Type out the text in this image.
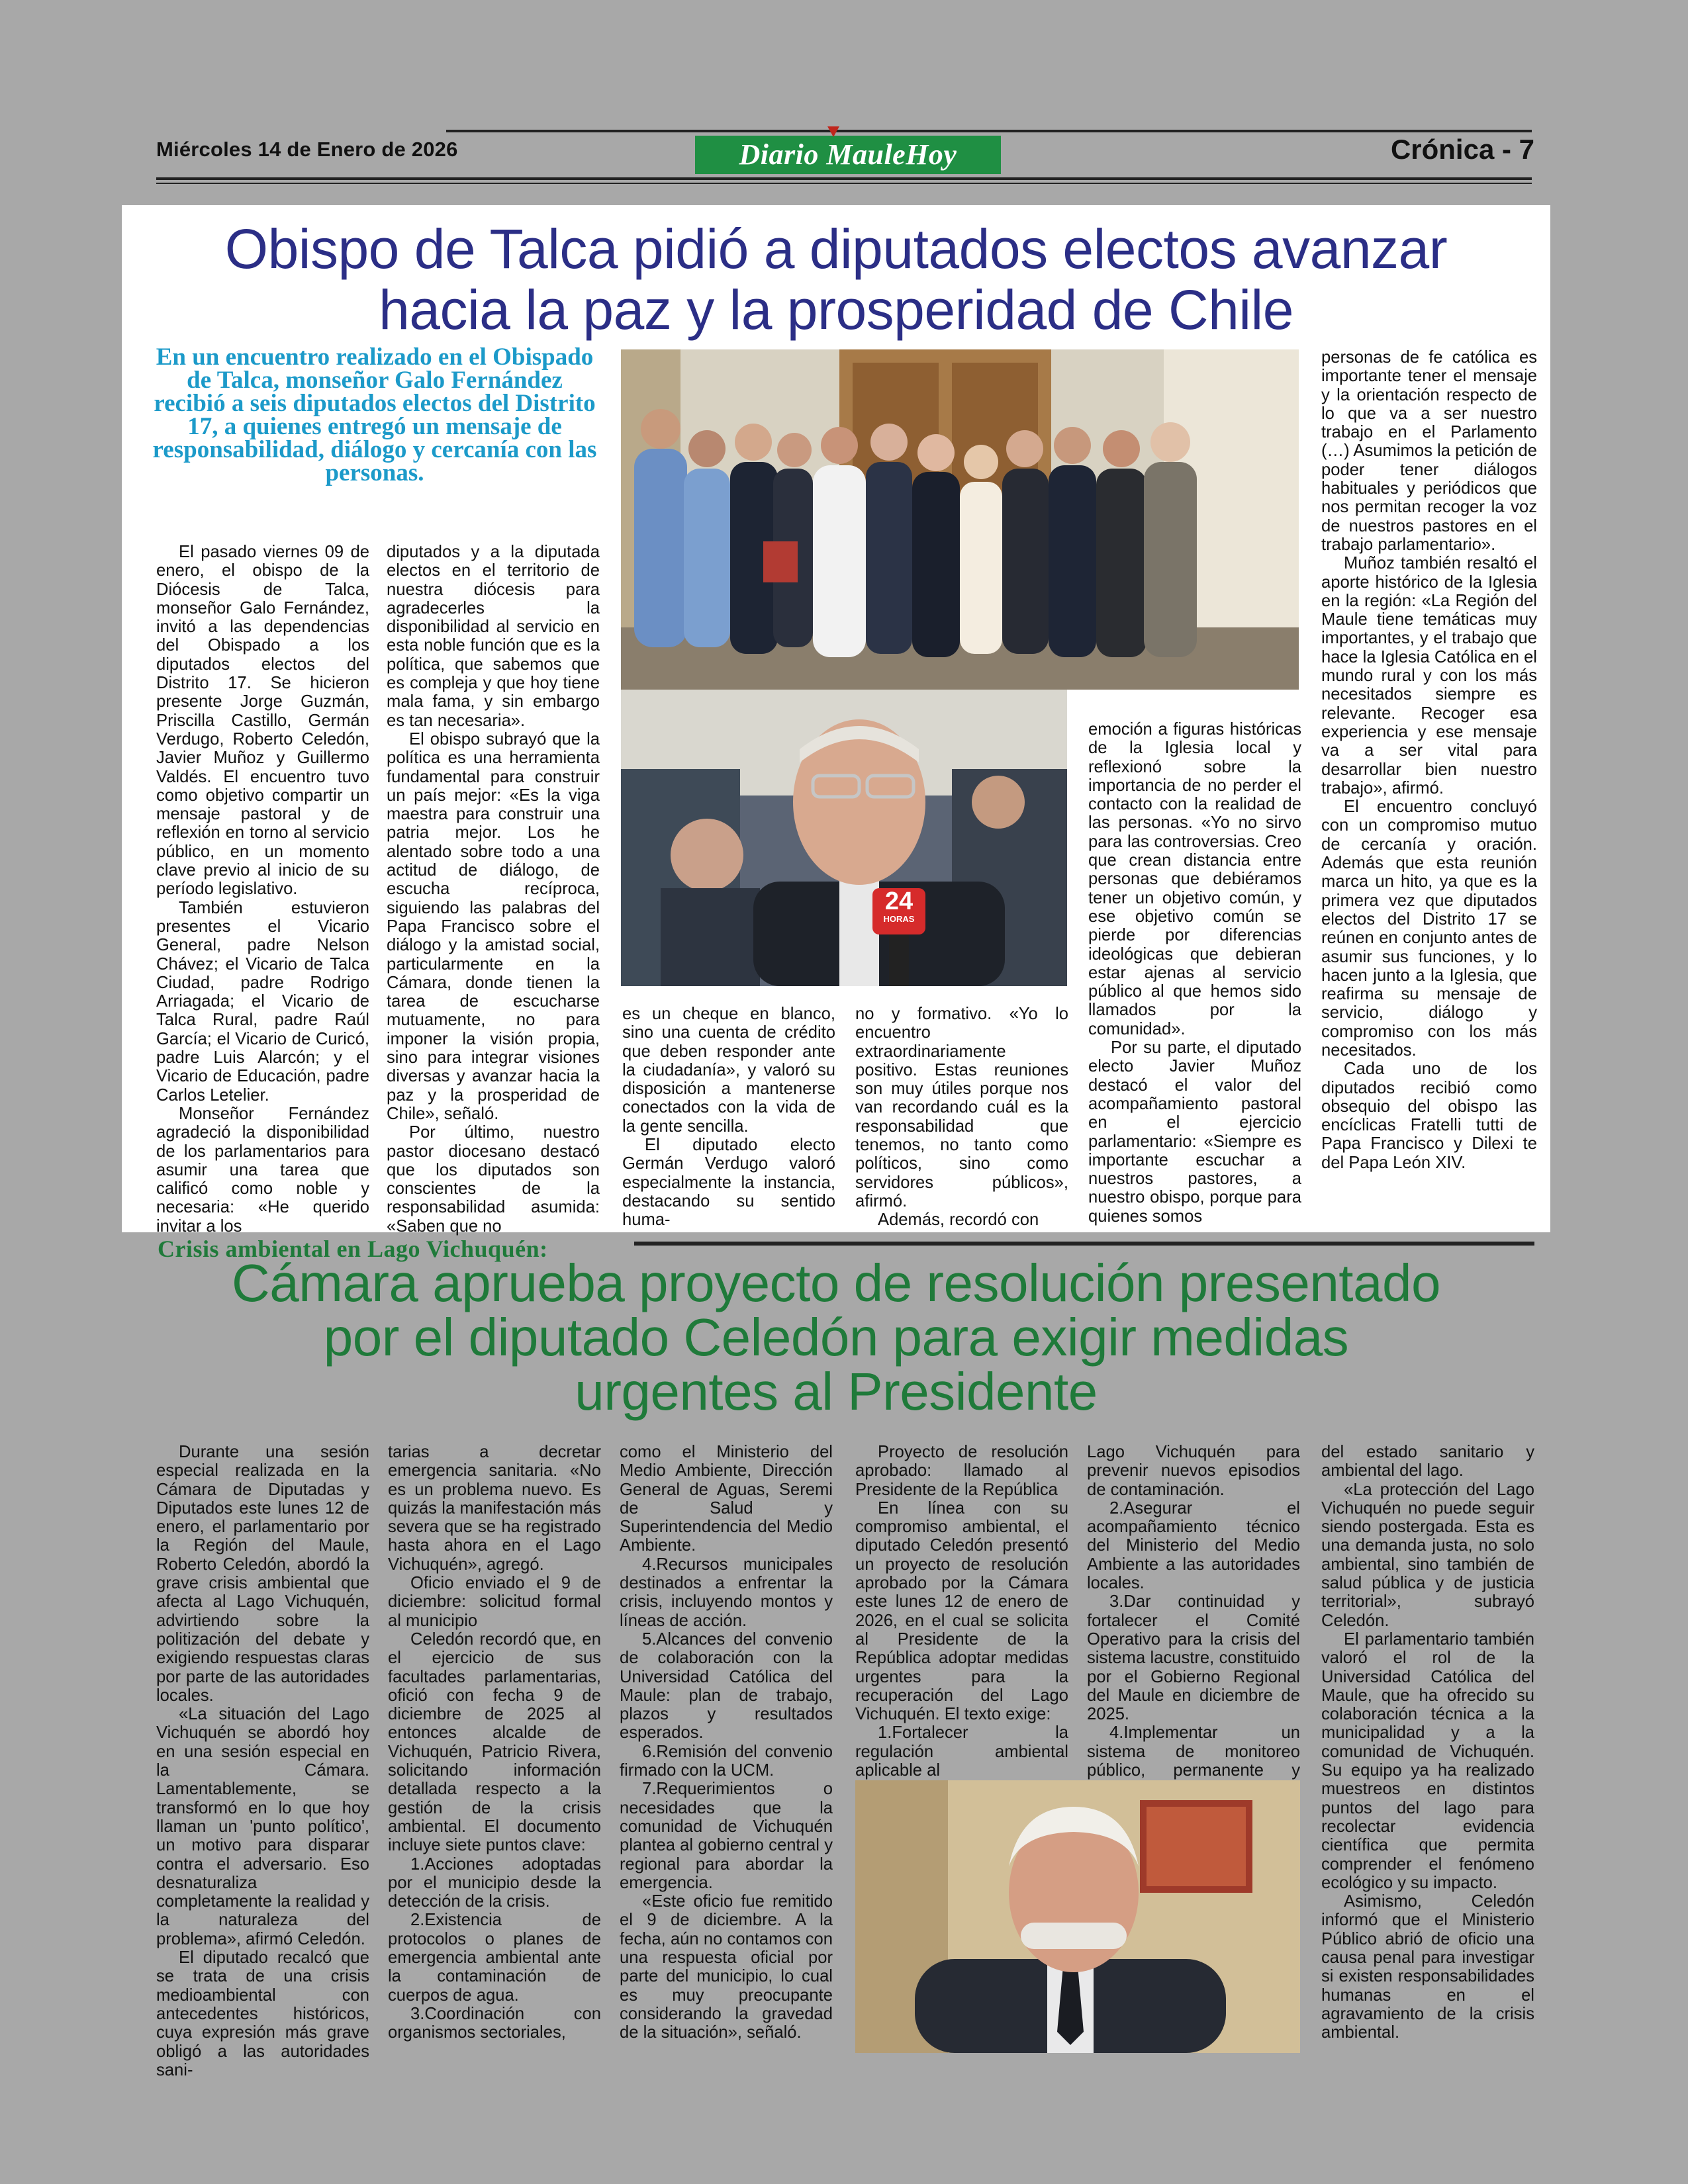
Miércoles 14 de Enero de 2026	Diario MauleHoy	Crónica - 7
Obispo de Talca pidió a diputados electos avanzar
hacia la paz y la prosperidad de Chile
En un encuentro realizado en el Obispado de Talca, monseñor Galo Fernández recibió a seis diputados electos del Distrito 17, a quienes entregó un mensaje de responsabilidad, diálogo y cercanía con las personas.

El pasado viernes 09 de enero, el obispo de la Diócesis de Talca, monseñor Galo Fernández, invitó a las dependencias del Obispado a los diputados electos del Distrito 17. Se hicieron presente Jorge Guzmán, Priscilla Castillo, Germán Verdugo, Roberto Celedón, Javier Muñoz y Guillermo Valdés. El encuentro tuvo como objetivo compartir un mensaje pastoral y de reflexión en torno al servicio público, en un momento clave previo al inicio de su período legislativo.

También estuvieron presentes el Vicario General, padre Nelson Chávez; el Vicario de Talca Ciudad, padre Rodrigo Arriagada; el Vicario de Talca Rural, padre Raúl García; el Vicario de Curicó, padre Luis Alarcón; y el Vicario de Educación, padre Carlos Letelier.

Monseñor Fernández agradeció la disponibilidad de los parlamentarios para asumir una tarea que calificó como noble y necesaria: «He querido invitar a los

diputados y a la diputada electos en el territorio de nuestra diócesis para agradecerles la disponibilidad al servicio en esta noble función que es la política, que sabemos que es compleja y que hoy tiene mala fama, y sin embargo es tan necesaria».

El obispo subrayó que la política es una herramienta fundamental para construir un país mejor: «Es la viga maestra para construir una patria mejor. Los he alentado sobre todo a una actitud de diálogo, de escucha recíproca, siguiendo las palabras del Papa Francisco sobre el diálogo y la amistad social, particularmente en la Cámara, donde tienen la tarea de escucharse mutuamente, no para imponer la visión propia, sino para integrar visiones diversas y avanzar hacia la paz y la prosperidad de Chile», señaló.

Por último, nuestro pastor diocesano destacó que los diputados son conscientes de la responsabilidad asumida: «Saben que no

24
HORAS

es un cheque en blanco, sino una cuenta de crédito que deben responder ante la ciudadanía», y valoró su disposición a mantenerse conectados con la vida de la gente sencilla.

El diputado electo Germán Verdugo valoró especialmente la instancia, destacando su sentido huma-

no y formativo. «Yo lo encuentro extraordinariamente positivo. Estas reuniones son muy útiles porque nos van recordando cuál es la responsabilidad que tenemos, no tanto como políticos, sino como servidores públicos», afirmó.

Además, recordó con

emoción a figuras históricas de la Iglesia local y reflexionó sobre la importancia de no perder el contacto con la realidad de las personas. «Yo no sirvo para las controversias. Creo que crean distancia entre personas que debiéramos tener un objetivo común, y ese objetivo común se pierde por diferencias ideológicas que debieran estar ajenas al servicio público al que hemos sido llamados por la comunidad».

Por su parte, el diputado electo Javier Muñoz destacó el valor del acompañamiento pastoral en el ejercicio parlamentario: «Siempre es importante escuchar a nuestros pastores, a nuestro obispo, porque para quienes somos

personas de fe católica es importante tener el mensaje y la orientación respecto de lo que va a ser nuestro trabajo en el Parlamento (…) Asumimos la petición de poder tener diálogos habituales y periódicos que nos permitan recoger la voz de nuestros pastores en el trabajo parlamentario».

Muñoz también resaltó el aporte histórico de la Iglesia en la región: «La Región del Maule tiene temáticas muy importantes, y el trabajo que hace la Iglesia Católica en el mundo rural y con los más necesitados siempre es relevante. Recoger esa experiencia y ese mensaje va a ser vital para desarrollar bien nuestro trabajo», afirmó.

El encuentro concluyó con un compromiso mutuo de cercanía y oración. Además que esta reunión marca un hito, ya que es la primera vez que diputados electos del Distrito 17 se reúnen en conjunto antes de asumir sus funciones, y lo hacen junto a la Iglesia, que reafirma su mensaje de servicio, diálogo y compromiso con los más necesitados.

Cada uno de los diputados recibió como obsequio del obispo las encíclicas Fratelli tutti de Papa Francisco y Dilexi te del Papa León XIV.

Crisis ambiental en Lago Vichuquén:
Cámara aprueba proyecto de resolución presentado
por el diputado Celedón para exigir medidas
urgentes al Presidente

Durante una sesión especial realizada en la Cámara de Diputadas y Diputados este lunes 12 de enero, el parlamentario por la Región del Maule, Roberto Celedón, abordó la grave crisis ambiental que afecta al Lago Vichuquén, advirtiendo sobre la politización del debate y exigiendo respuestas claras por parte de las autoridades locales.

«La situación del Lago Vichuquén se abordó hoy en una sesión especial en la Cámara. Lamentablemente, se transformó en lo que hoy llaman un 'punto político', un motivo para disparar contra el adversario. Eso desnaturaliza completamente la realidad y la naturaleza del problema», afirmó Celedón.

El diputado recalcó que se trata de una crisis medioambiental con antecedentes históricos, cuya expresión más grave obligó a las autoridades sani-

tarias a decretar emergencia sanitaria. «No es un problema nuevo. Es quizás la manifestación más severa que se ha registrado hasta ahora en el Lago Vichuquén», agregó.

Oficio enviado el 9 de diciembre: solicitud formal al municipio

Celedón recordó que, en el ejercicio de sus facultades parlamentarias, ofició con fecha 9 de diciembre de 2025 al entonces alcalde de Vichuquén, Patricio Rivera, solicitando información detallada respecto a la gestión de la crisis ambiental. El documento incluye siete puntos clave:

1.Acciones adoptadas por el municipio desde la detección de la crisis.

2.Existencia de protocolos o planes de emergencia ambiental ante la contaminación de cuerpos de agua.

3.Coordinación con organismos sectoriales,

como el Ministerio del Medio Ambiente, Dirección General de Aguas, Seremi de Salud y Superintendencia del Medio Ambiente.

4.Recursos municipales destinados a enfrentar la crisis, incluyendo montos y líneas de acción.

5.Alcances del convenio de colaboración con la Universidad Católica del Maule: plan de trabajo, plazos y resultados esperados.

6.Remisión del convenio firmado con la UCM.

7.Requerimientos o necesidades que la comunidad de Vichuquén plantea al gobierno central y regional para abordar la emergencia.

«Este oficio fue remitido el 9 de diciembre. A la fecha, aún no contamos con una respuesta oficial por parte del municipio, lo cual es muy preocupante considerando la gravedad de la situación», señaló.

Proyecto de resolución aprobado: llamado al Presidente de la República

En línea con su compromiso ambiental, el diputado Celedón presentó un proyecto de resolución aprobado por la Cámara este lunes 12 de enero de 2026, en el cual se solicita al Presidente de la República adoptar medidas urgentes para la recuperación del Lago Vichuquén. El texto exige:

1.Fortalecer la regulación ambiental aplicable al

Lago Vichuquén para prevenir nuevos episodios de contaminación.

2.Asegurar el acompañamiento técnico del Ministerio del Medio Ambiente a las autoridades locales.

3.Dar continuidad y fortalecer el Comité Operativo para la crisis del sistema lacustre, constituido por el Gobierno Regional del Maule en diciembre de 2025.

4.Implementar un sistema de monitoreo público, permanente y

del estado sanitario y ambiental del lago.

«La protección del Lago Vichuquén no puede seguir siendo postergada. Esta es una demanda justa, no solo ambiental, sino también de salud pública y de justicia territorial», subrayó Celedón.

El parlamentario también valoró el rol de la Universidad Católica del Maule, que ha ofrecido su colaboración técnica a la municipalidad y a la comunidad de Vichuquén. Su equipo ya ha realizado muestreos en distintos puntos del lago para recolectar evidencia científica que permita comprender el fenómeno ecológico y su impacto.

Asimismo, Celedón informó que el Ministerio Público abrió de oficio una causa penal para investigar si existen responsabilidades humanas en el agravamiento de la crisis ambiental.
